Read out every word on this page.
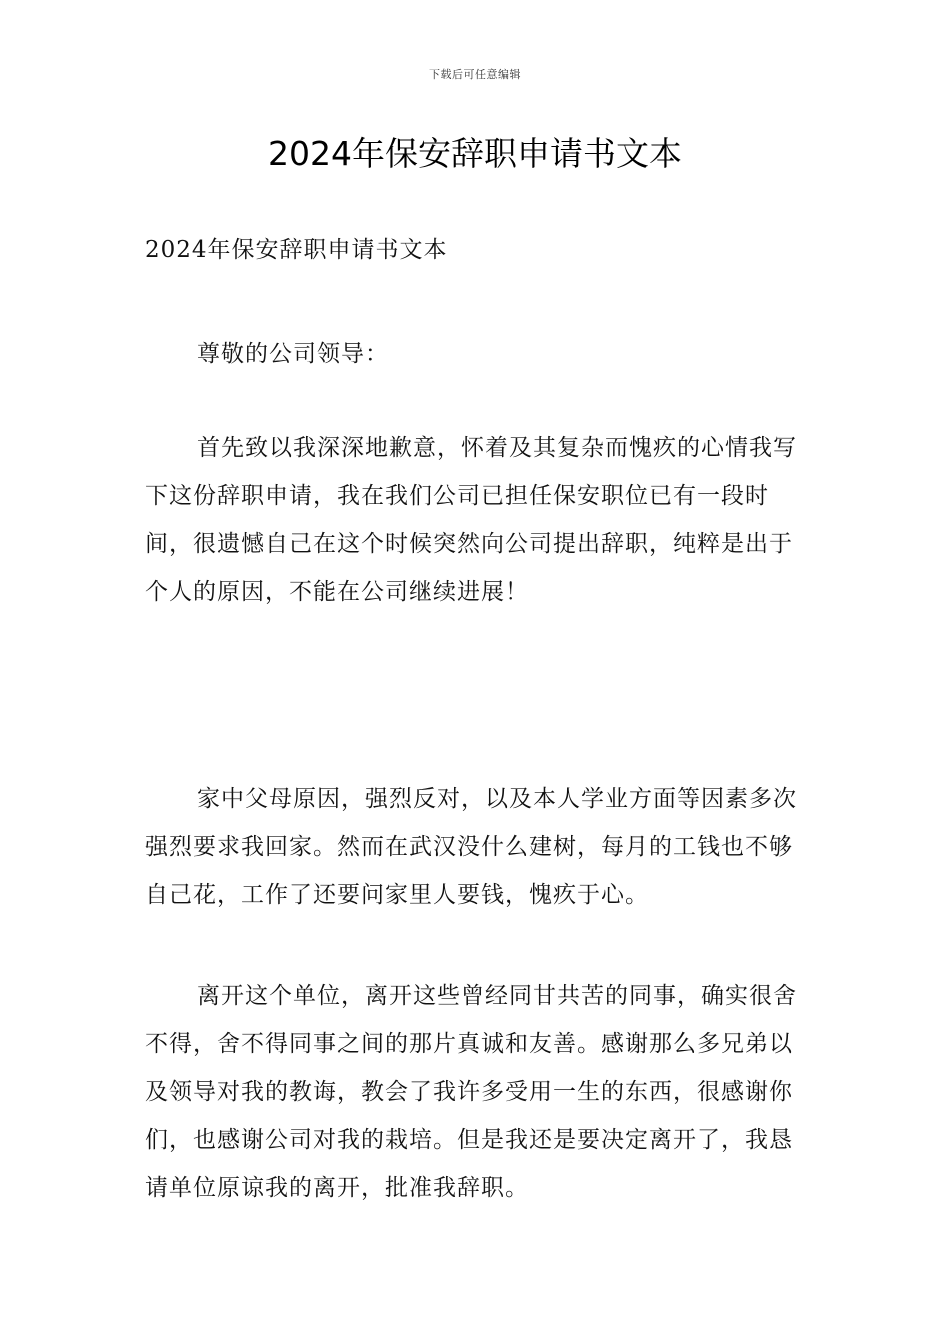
下载后可任意编辑
2024年保安辞职申请书文本

2024年保安辞职申请书文本

尊敬的公司领导：

首先致以我深深地歉意，怀着及其复杂而愧疚的心情我写下这份辞职申请，我在我们公司已担任保安职位已有一段时间，很遗憾自己在这个时候突然向公司提出辞职，纯粹是出于个人的原因，不能在公司继续进展！

家中父母原因，强烈反对，以及本人学业方面等因素多次强烈要求我回家。然而在武汉没什么建树，每月的工钱也不够自己花，工作了还要问家里人要钱，愧疚于心。

离开这个单位，离开这些曾经同甘共苦的同事，确实很舍不得，舍不得同事之间的那片真诚和友善。感谢那么多兄弟以及领导对我的教诲，教会了我许多受用一生的东西，很感谢你们，也感谢公司对我的栽培。但是我还是要决定离开了，我恳请单位原谅我的离开，批准我辞职。
